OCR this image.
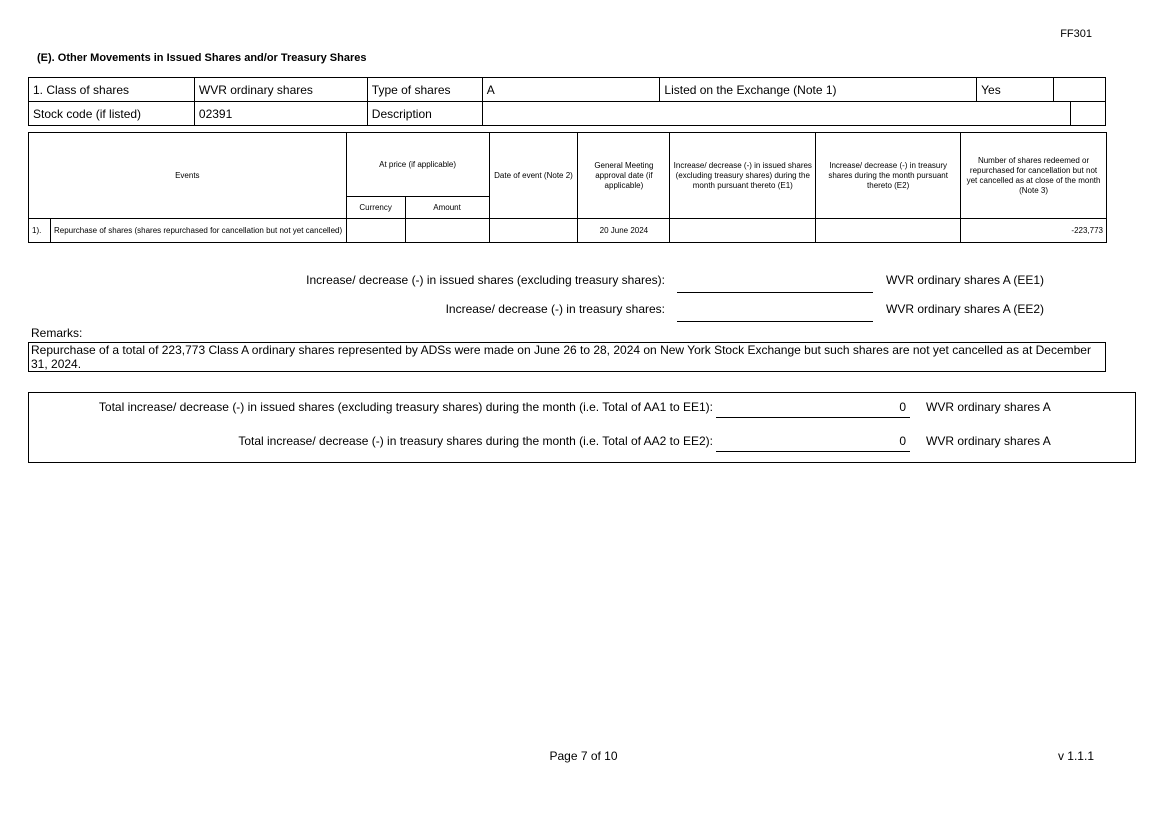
FF301
(E). Other Movements in Issued Shares and/or Treasury Shares
1. Class of shares	WVR ordinary shares	Type of shares	A	Listed on the Exchange (Note 1)	Yes		
Stock code (if listed)	02391	Description					
Events		At price (if applicable)		Date of event (Note 2)	General Meeting approval date (if applicable)	Increase/ decrease (-) in issued shares (excluding treasury shares) during the month pursuant thereto (E1)	Increase/ decrease (-) in treasury shares during the month pursuant thereto (E2)	Number of shares redeemed or repurchased for cancellation but not yet cancelled as at close of the month (Note 3)
		Currency	Amount					
1).	Repurchase of shares (shares repurchased for cancellation but not yet cancelled)				20 June 2024			-223,773
Increase/ decrease (-) in issued shares (excluding treasury shares):	WVR ordinary shares A (EE1)
Increase/ decrease (-) in treasury shares:	WVR ordinary shares A (EE2)
Remarks:
Repurchase of a total of 223,773 Class A ordinary shares represented by ADSs were made on June 26 to 28, 2024 on New York Stock Exchange but such shares are not yet cancelled as at December 31, 2024.
Total increase/ decrease (-) in issued shares (excluding treasury shares) during the month (i.e. Total of AA1 to EE1):	0	WVR ordinary shares A
Total increase/ decrease (-) in treasury shares during the month (i.e. Total of AA2 to EE2):	0	WVR ordinary shares A
Page 7 of 10	v 1.1.1
